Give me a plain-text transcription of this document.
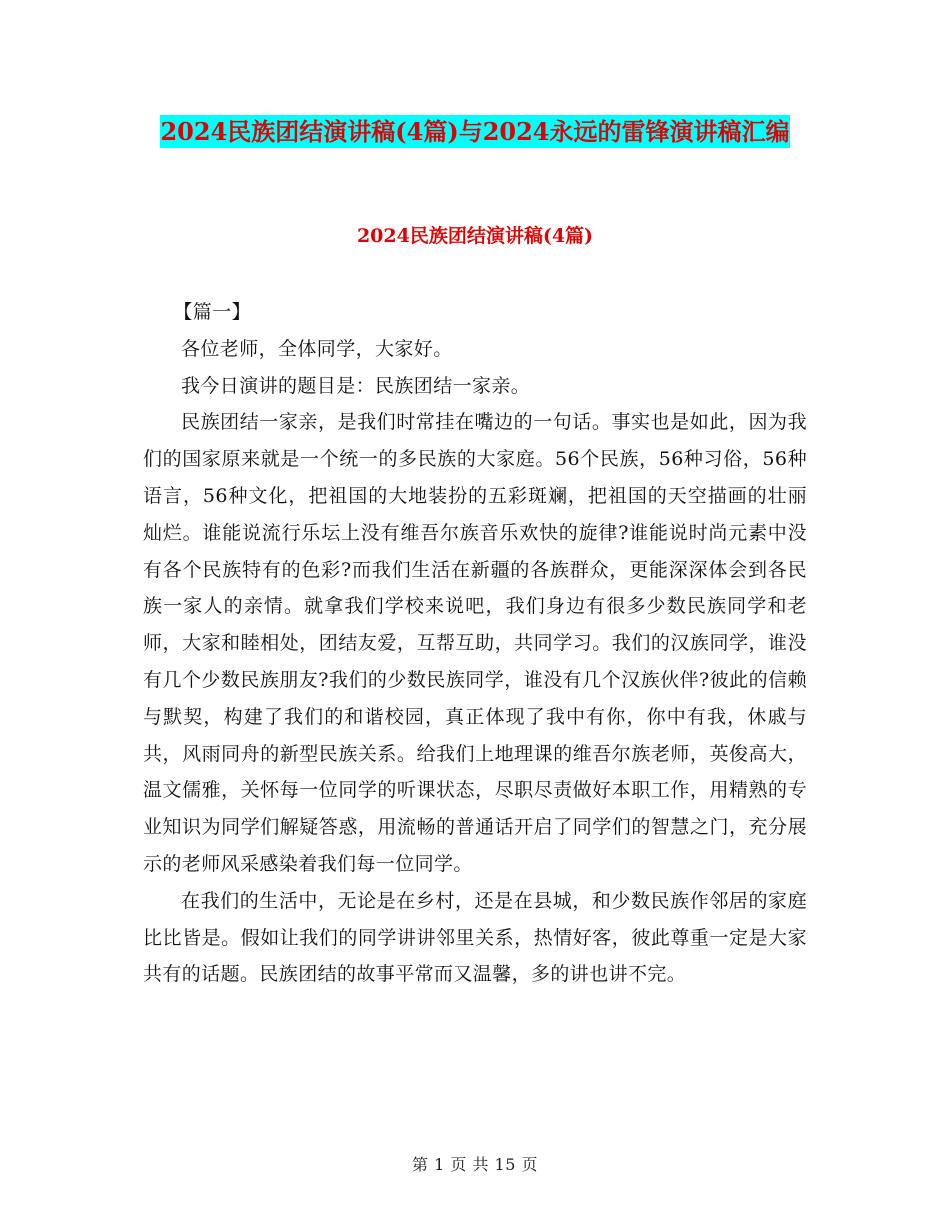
2024民族团结演讲稿(4篇)与2024永远的雷锋演讲稿汇编
2024民族团结演讲稿(4篇)

【篇一】

各位老师，全体同学，大家好。

我今日演讲的题目是：民族团结一家亲。

民族团结一家亲，是我们时常挂在嘴边的一句话。事实也是如此，因为我们的国家原来就是一个统一的多民族的大家庭。56个民族，56种习俗，56种语言，56种文化，把祖国的大地装扮的五彩斑斓，把祖国的天空描画的壮丽灿烂。谁能说流行乐坛上没有维吾尔族音乐欢快的旋律?谁能说时尚元素中没有各个民族特有的色彩?而我们生活在新疆的各族群众，更能深深体会到各民族一家人的亲情。就拿我们学校来说吧，我们身边有很多少数民族同学和老师，大家和睦相处，团结友爱，互帮互助，共同学习。我们的汉族同学，谁没有几个少数民族朋友?我们的少数民族同学，谁没有几个汉族伙伴?彼此的信赖与默契，构建了我们的和谐校园，真正体现了我中有你，你中有我，休戚与共，风雨同舟的新型民族关系。给我们上地理课的维吾尔族老师，英俊高大，温文儒雅，关怀每一位同学的听课状态，尽职尽责做好本职工作，用精熟的专业知识为同学们解疑答惑，用流畅的普通话开启了同学们的智慧之门，充分展示的老师风采感染着我们每一位同学。

在我们的生活中，无论是在乡村，还是在县城，和少数民族作邻居的家庭比比皆是。假如让我们的同学讲讲邻里关系，热情好客，彼此尊重一定是大家共有的话题。民族团结的故事平常而又温馨，多的讲也讲不完。

第 1 页 共 15 页
